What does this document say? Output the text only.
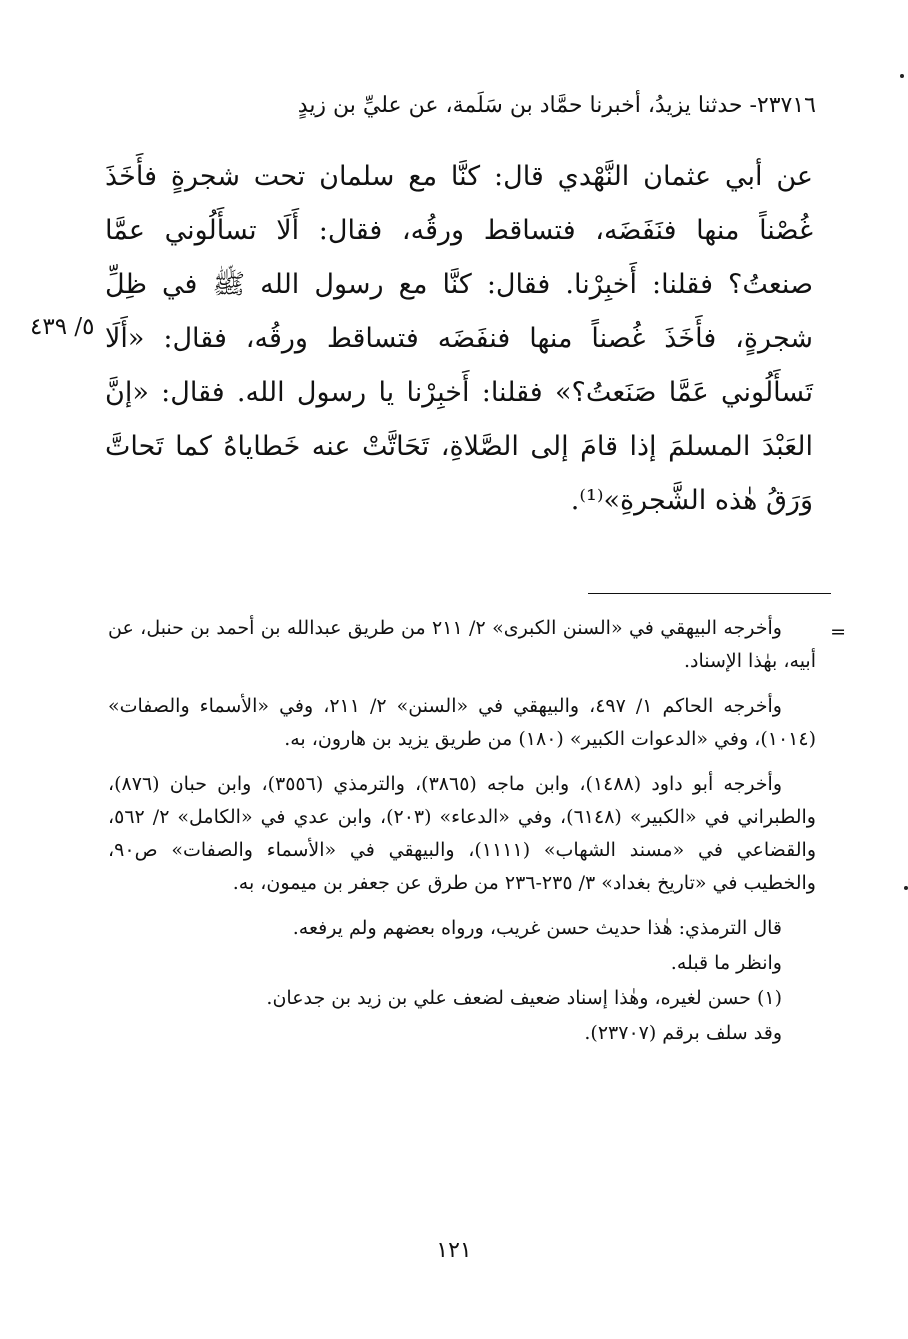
٢٣٧١٦- حدثنا يزيدُ، أخبرنا حمَّاد بن سَلَمة، عن عليِّ بن زيدٍ

عن أبي عثمان النَّهْدي قال: كنَّا مع سلمان تحت شجرةٍ فأَخَذَ غُصْناً منها فنَفَضَه، فتساقط ورقُه، فقال: أَلَا تسأَلُوني عمَّا صنعتُ؟ فقلنا: أَخبِرْنا. فقال: كنَّا مع رسول الله ﷺ في ظِلِّ شجرةٍ، فأَخَذَ غُصناً منها فنفَضَه فتساقط ورقُه، فقال: «أَلَا تَسأَلُوني عَمَّا صَنَعتُ؟» فقلنا: أَخبِرْنا يا رسول الله. فقال: «إنَّ العَبْدَ المسلمَ إذا قامَ إلى الصَّلاةِ، تَحَاتَّتْ عنه خَطاياهُ كما تَحاتَّ وَرَقُ هٰذه الشَّجرةِ»⁽¹⁾.

٥/ ٤٣٩
=

وأخرجه البيهقي في «السنن الكبرى» ٢/ ٢١١ من طريق عبدالله بن أحمد بن حنبل، عن أبيه، بهٰذا الإسناد.

وأخرجه الحاكم ١/ ٤٩٧، والبيهقي في «السنن» ٢/ ٢١١، وفي «الأسماء والصفات» (١٠١٤)، وفي «الدعوات الكبير» (١٨٠) من طريق يزيد بن هارون، به.

وأخرجه أبو داود (١٤٨٨)، وابن ماجه (٣٨٦٥)، والترمذي (٣٥٥٦)، وابن حبان (٨٧٦)، والطبراني في «الكبير» (٦١٤٨)، وفي «الدعاء» (٢٠٣)، وابن عدي في «الكامل» ٢/ ٥٦٢، والقضاعي في «مسند الشهاب» (١١١١)، والبيهقي في «الأسماء والصفات» ص٩٠، والخطيب في «تاريخ بغداد» ٣/ ٢٣٥-٢٣٦ من طرق عن جعفر بن ميمون، به.

قال الترمذي: هٰذا حديث حسن غريب، ورواه بعضهم ولم يرفعه.

وانظر ما قبله.

(١) حسن لغيره، وهٰذا إسناد ضعيف لضعف علي بن زيد بن جدعان.

وقد سلف برقم (٢٣٧٠٧).

١٢١
